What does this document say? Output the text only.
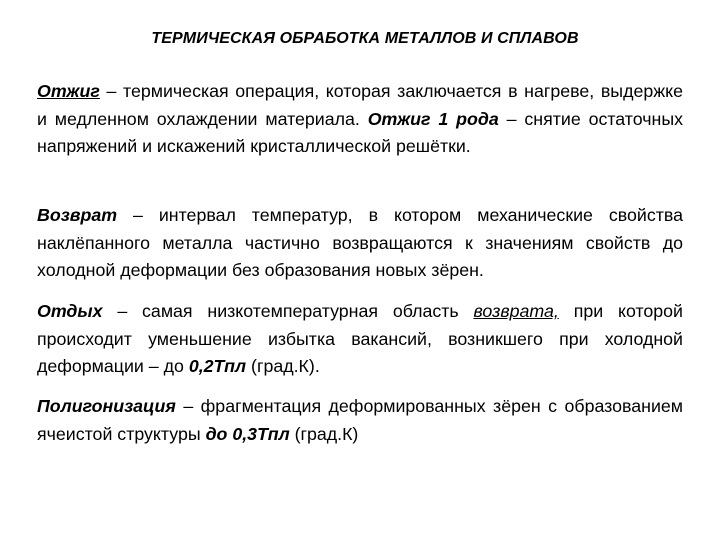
ТЕРМИЧЕСКАЯ ОБРАБОТКА МЕТАЛЛОВ И СПЛАВОВ

Отжиг – термическая операция, которая заключается в нагреве, выдержке и медленном охлаждении материала. Отжиг 1 рода – снятие остаточных напряжений и искажений кристаллической решётки.

Возврат – интервал температур, в котором механические свойства наклёпанного металла частично возвращаются к значениям свойств до холодной деформации без образования новых зёрен.

Отдых – самая низкотемпературная область возврата, при которой происходит уменьшение избытка вакансий, возникшего при холодной деформации – до 0,2Тпл (град.К).

Полигонизация – фрагментация деформированных зёрен с образованием ячеистой структуры до 0,3Тпл (град.К)
